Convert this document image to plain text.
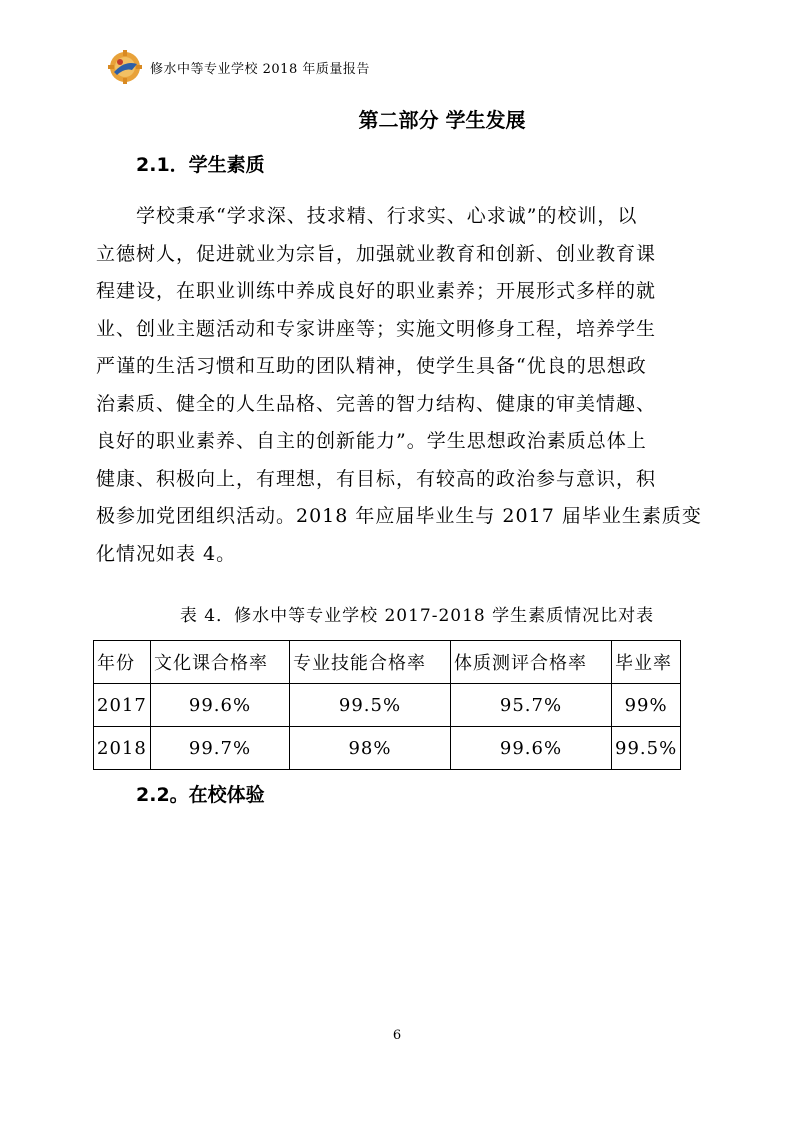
修水中等专业学校 2018 年质量报告
第二部分 学生发展
2.1．学生素质
　　学校秉承“学求深、技求精、行求实、心求诚”的校训，以
立德树人，促进就业为宗旨，加强就业教育和创新、创业教育课
程建设，在职业训练中养成良好的职业素养；开展形式多样的就
业、创业主题活动和专家讲座等；实施文明修身工程，培养学生
严谨的生活习惯和互助的团队精神，使学生具备“优良的思想政
治素质、健全的人生品格、完善的智力结构、健康的审美情趣、
良好的职业素养、自主的创新能力”。学生思想政治素质总体上
健康、积极向上，有理想，有目标，有较高的政治参与意识，积
极参加党团组织活动。2018 年应届毕业生与 2017 届毕业生素质变
化情况如表 4。
表 4．修水中等专业学校 2017-2018 学生素质情况比对表
年份	文化课合格率	专业技能合格率	体质测评合格率	毕业率
2017	99.6%	99.5%	95.7%	99%
2018	99.7%	98%	99.6%	99.5%
2.2。在校体验
6
